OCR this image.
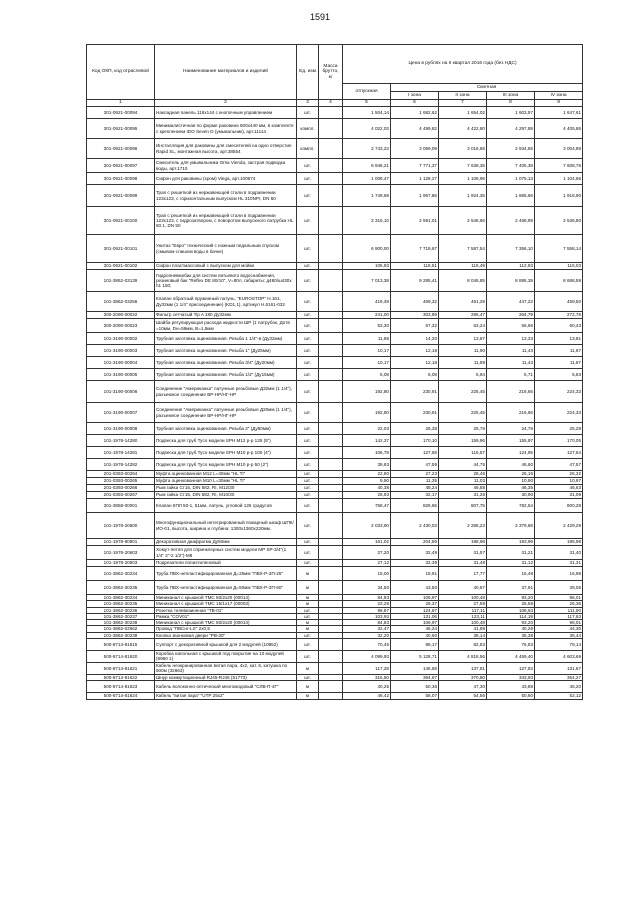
1591
Код ОКП, код отраслевой	Наименование материалов и изделий	Ед. изм	Масса брутто, кг	Цена в рублях на II квартал 2016 года (без НДС)				
				отпускная	Сметная			
					I зона	II зона	III зона	IV зона
1	2	3	4	5	6	7	8	9
301-0921-00094	Накладная панель 116х144 с кнопочным управлением	шт.		1 504,14	1 682,62	1 654,02	1 603,57	1 647,61
301-0921-00095	Минималистичная по форме раковина 600х440 мм, в комплекте с креплением IDO Seven D (умывальник), арт.11114	компл.		4 022,03	4 499,82	4 422,80	4 297,89	4 405,86
301-0921-00096	Инсталляция для раковины для смесителей на одно отверстие Rapid SL, монтажная высота, арт.38554	компл.		2 743,22	3 069,09	3 016,56	2 934,55	3 004,88
301-0921-00097	Смеситель для умывальника Orsa Vienda, застрая подводка воды, арт.1710	шт.		6 946,21	7 771,37	7 638,35	7 405,38	7 608,76
301-0921-00098	Сифон для раковины (хром) Viega, арт.100674	шт.		1 008,47	1 128,27	1 108,96	1 075,13	1 104,66
301-0921-00099	Трап с решеткой из нержавеющей стали в подравнении 123х123, с горизонтальным выпуском HL 310NPr, DN 50	шт.		1 749,69	1 957,86	1 924,35	1 865,66	1 916,90
301-0921-00100	Трап с решеткой из нержавеющей стали в подравнении 123х123, с гидрозатвором, с поворотом выпускного патрубка HL 60.1, DN 50	шт.		2 315,10	2 591,01	2 546,66	2 468,99	2 536,80
301-0921-00101	Унитаз "Евро" технический с ножным педальным спуском (смывом слишом воды в бачке)	шт.		6 900,00	7 719,67	7 587,54	7 356,10	7 558,14
301-0921-00102	Сифон пластмассовый с выпуском для мойки	шт.		105,93	118,51	116,49	112,93	116,03
101-3862-03139	Гидропневмобак для систем питьевого водоснабжения, резиновый бак "Reflex DE 80/10", V=80л, габариты: д480/ш430х h1 150;	шт.		7 013,38	9 285,41	8 046,85	8 895,39	8 688,59
101-3862-03256	Клапан обратный пружинный латунь, "EUROSTOP" Н.161, Ду32мм (1 1/4" присоединение) (KD1,1), артикул Н.6161-032	шт.		419,49	469,32	461,29	447,22	459,50
300-2090-00022	Фильтр сетчатый Tip A 180 Ду32мм	шт.		241,00	303,89	285,47	264,79	272,76
300-2090-00023	Шайба регулирующая расхода жидкости ШР (1 патрубок, Дотв =10мм, Dн=59мм, В=1,5мм	шт.		53,30	57,32	63,24	56,66	60,43
101-3190-00002	Трубная заготовка оцинкованная. Резьба 1 1/4"-в (Ду32мм)	шт.		11,86	14,20	13,87	13,33	13,81
101-3190-00003	Трубная заготовка оцинкованная. Резьба 1" (Ду25мм)	шт.		10,17	12,18	11,90	11,43	11,87
101-3190-00004	Трубная заготовка оцинкованная. Резьба 3/4" (Ду20мм)	шт.		10,17	12,18	11,89	11,43	11,87
101-3190-00005	Трубная заготовка оцинкованная. Резьба 1/2" (Ду15мм)	шт.		5,08	6,08	5,94	5,71	5,83
101-3190-00006	Соединение "Американка" латунные резьбовые Д32мм (1 1/4"), разъемное соединение ВР-НР/НГ-НР	шт.		192,80	230,91	225,45	216,66	224,33
101-3190-00007	Соединение "Американка" латунные резьбовые Д20мм (1 1/4"), разъемное соединение ВР-НР/НГ-НР	шт.		192,80	230,91	225,45	216,66	224,33
101-3190-00008	Трубная заготовка оцинкованная. Резьба 2" (Ду50мм)	шт.		22,03	26,38	25,76	24,76	25,29
101-1978-14280	Подвеска для труб Tyco модели SPH M12 р-р 125 (5")	шт.		142,37	170,10	159,96	155,97	170,05
101-1978-14281	Подвеска для труб Tyco модели SPH M10 р-р 100 (4")	шт.		106,78	127,58	116,57	124,95	127,54
101-1978-14282	Подвеска для труб Tyco модели SPH M10 р-р 50 (2")	шт.		39,83	47,59	44,75	46,60	47,57
201-0393-00264	Муфта оцинкованная М12 L=40мм "HL TI"	шт.		22,80	27,23	26,46	26,16	26,32
201-0393-00265	Муфта оцинкованная М10 L=30мм "HL TI"	шт.		9,50	11,35	11,03	10,90	10,97
201-0393-00266	Рым гайка Ст15, DIN 582, RI, M12/30	шт.		40,38	48,24	46,88	46,35	46,63
201-0393-00267	Рым гайка Ст15, DIN 582, RI, M10/30	шт.		26,93	32,17	31,26	30,90	31,09
301-3858-00001	Клапан КПЛ 50-1, 51мм, латунь, угловой 125 градусов	шт.		758,47	826,65	807,75	782,54	800,28
101-1978-20600	Многофункциональный интегрированный пожарный шкаф ШПК/ИО-01, высота, ширина и глубина: 1300х1360х230мм.	шт.		2 033,90	2 430,03	2 285,23	2 379,66	2 429,29
101-1978-80801	Декоративная диафрагма Ду50мм	шт.		161,02	204,59	198,98	193,99	195,98
101-1978-20603	Хомут-петля для спринклерных систем модели МР SP-3/4"(1 1/4" 2"-2 1/2")-М8	шт.		27,20	32,49	31,57	31,21	31,40
101-1978-20603	Подрезатели полиэтиленовый	шт.		27,12	32,39	31,48	31,12	31,31
101-3862-30234	Труба ПВХ-непластифицированная Д=25мм "ПВХ-Р-ЗП-25"	м		15,00	18,91	17,77	16,48	16,98
101-3862-30235	Труба ПВХ-непластифицированная Д=50мм "ПВХ-Р-ЗП-50"	м		34,50	43,50	40,87	37,91	39,05
101-3862-30234	Миниканал с крышкой ТМС 50/2х20 (00014)	м		84,83	106,97	100,48	93,20	96,01
101-3862-30235	Миниканал с крышкой ТМС 15/1х17 (00003)	м		23,28	29,37	27,59	25,58	26,36
101-3862-30236	Розетка телевизионная "ТВ-01"	шт.		98,87	124,67	117,11	108,63	111,90
101-3862-30237	Рамка "COV01"	шт.		103,93	131,06	123,11	114,19	117,63
101-3862-30238	Миниканал с крышкой ТМС 50/2х20 (00014)	м		84,83	106,97	100,48	93,20	96,01
101-3862-02662	Провод "ПВСнг-LS" 2х0,5	м		32,47	46,24	41,88	40,26	44,30
101-3862-30239	Кнопка звонковая двери "РВ-30"	шт.		32,20	40,60	38,14	35,38	36,44
500-8714-81615	Суппорт с декоративной крышкой для 2 модулей (10952)	шт.		70,45	88,17	82,83	76,83	79,14
500-8714-81620	Коробка напольная с крышкой под покрытие на 10 модулей (8960 1)	шт.		4 099,93	5 128,71	4 818,56	4 469,40	4 603,69
500-8714-81621	Кабель неэкранированная витая пара, 4х2, кат. 6, катушка по 500м (32663)	м		117,28	146,58	137,81	127,83	131,67
500-8714-81622	Шнур коммутационный RJ45-RJ45 (51773)	шт.		315,50	394,67	370,80	343,93	354,27
500-8714-81623	Кабель волоконно-оптический многомодовый "СЛВ-П-4Г"	м		40,25	50,36	47,30	43,88	45,20
500-8714-81624	Кабель "витая пара" "UTP 25х2"	м		46,42	58,07	54,56	50,60	52,12
